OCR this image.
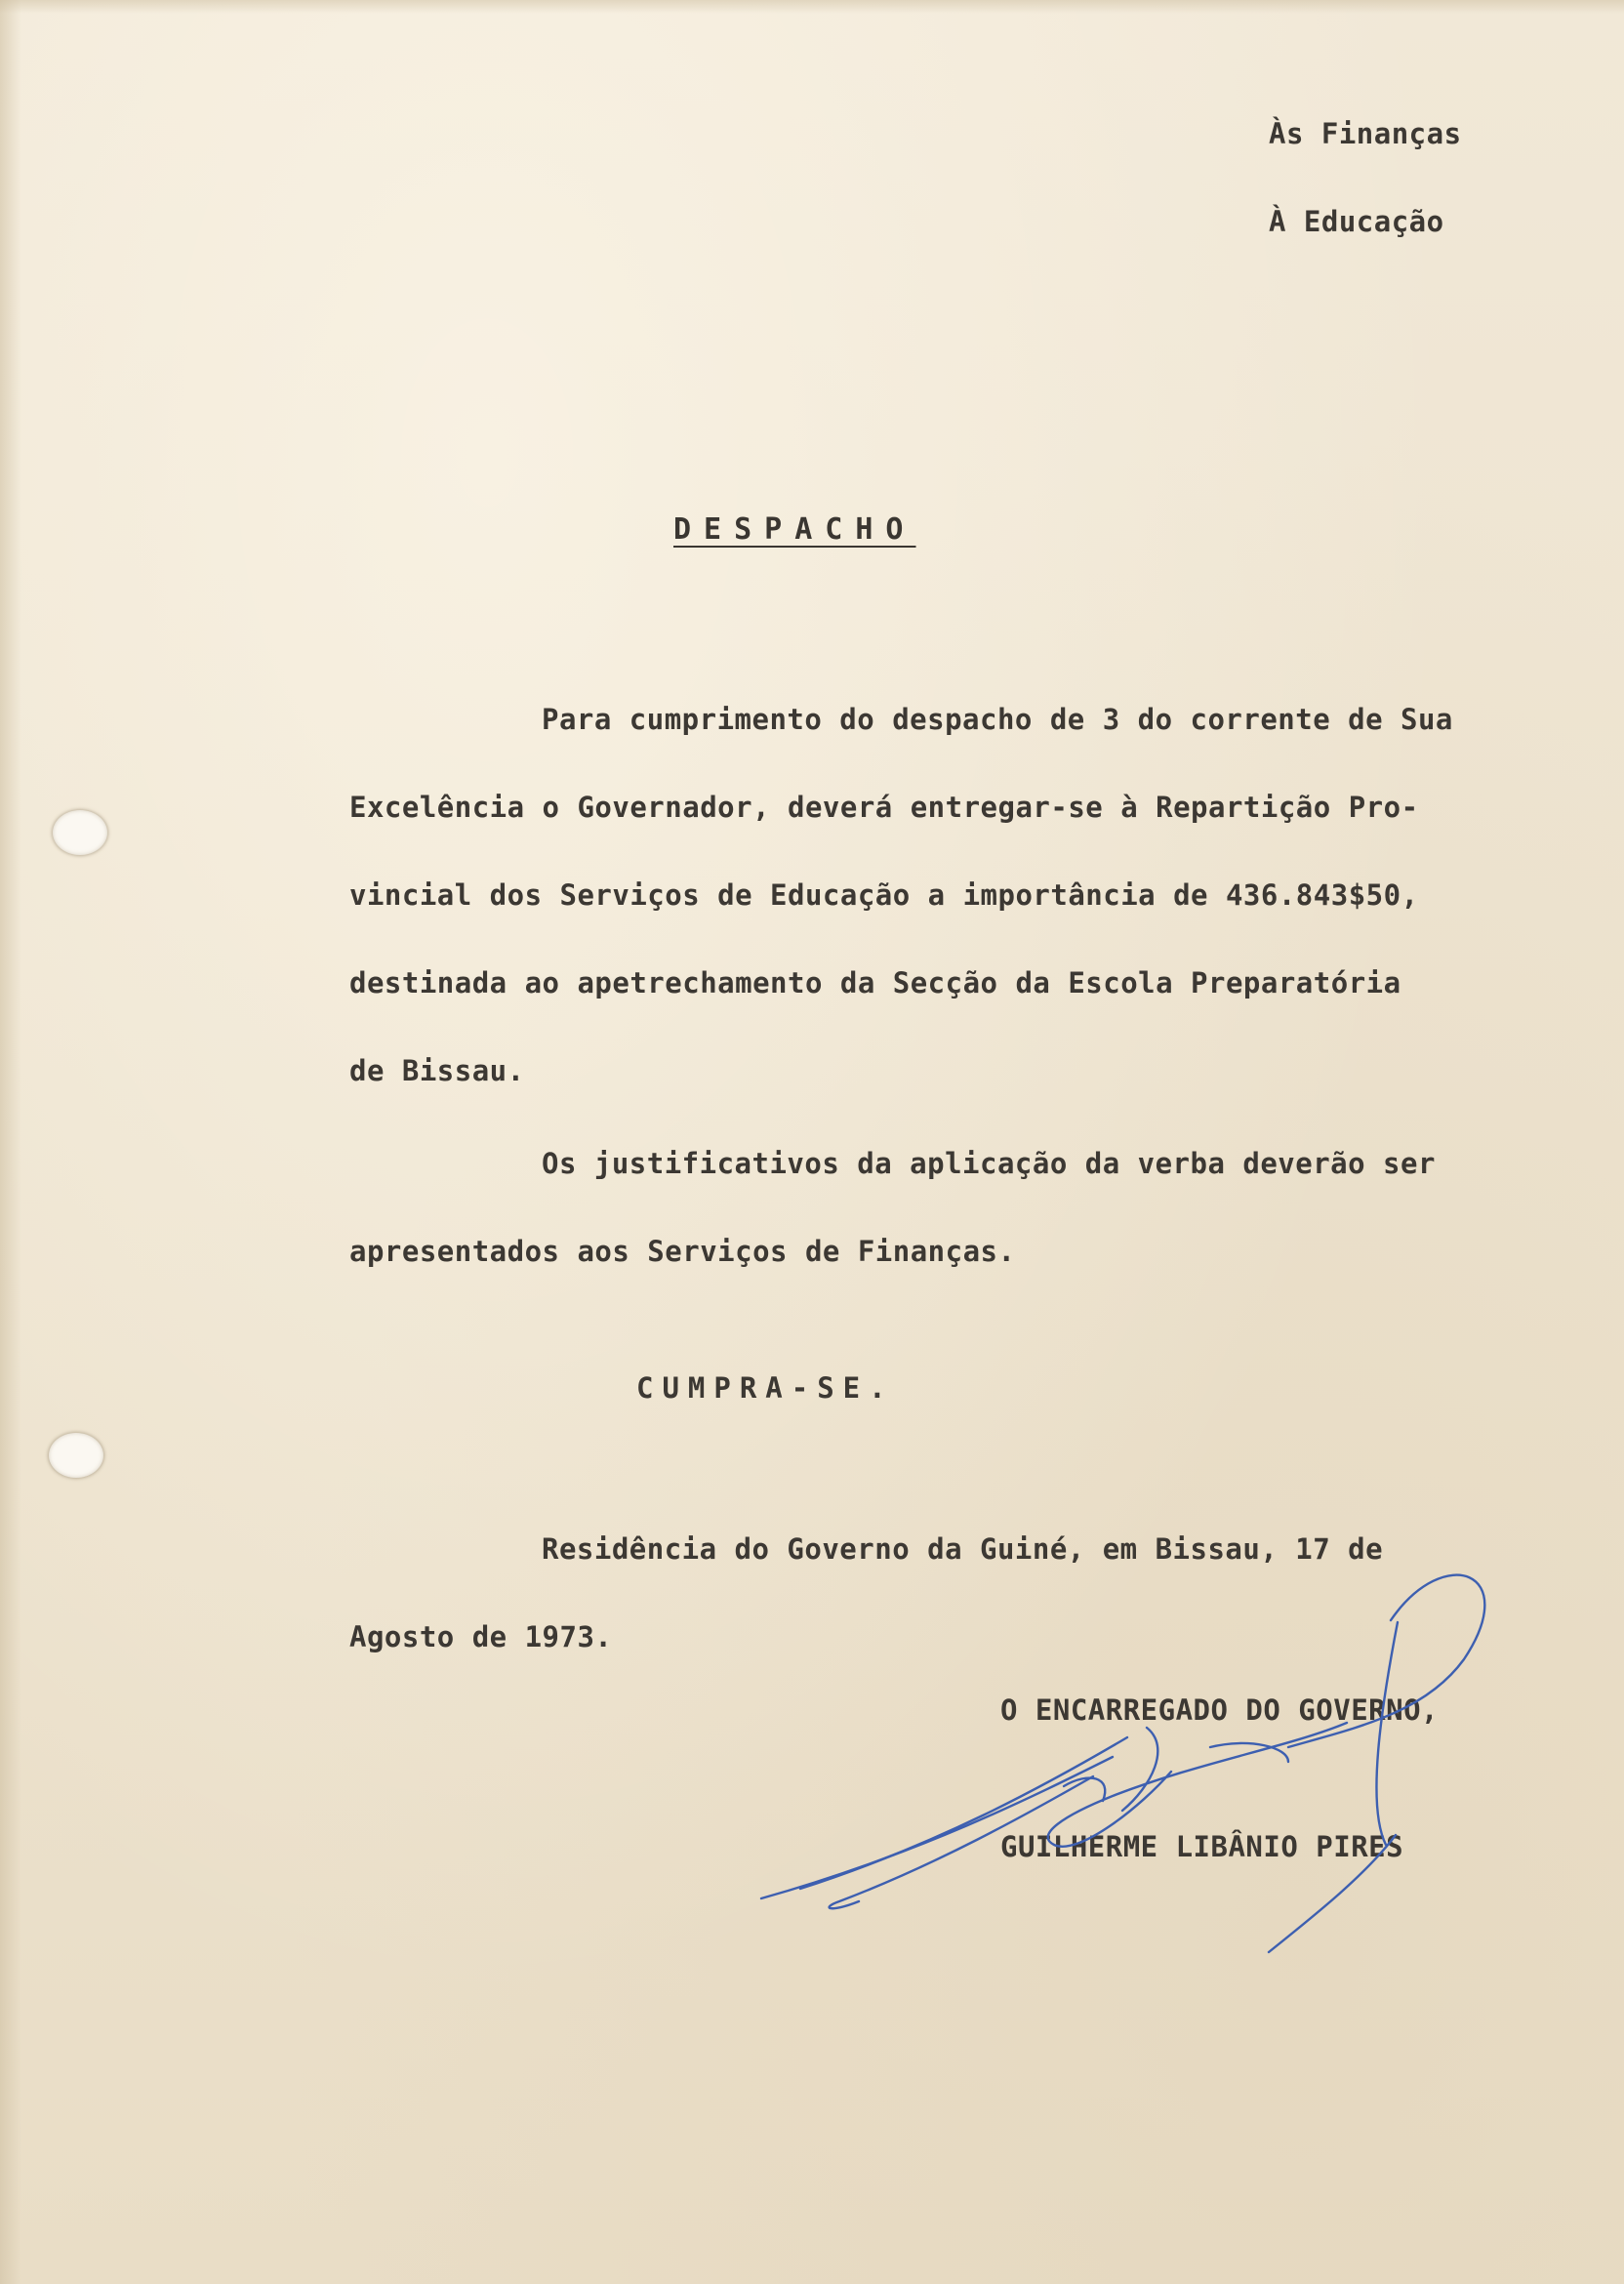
Às Finanças

À Educação

DESPACHO

Para cumprimento do despacho de 3 do corrente de Sua

Excelência o Governador, deverá entregar-se à Repartição Pro-

vincial dos Serviços de Educação a importância de 436.843$50,

destinada ao apetrechamento da Secção da Escola Preparatória

de Bissau.

Os justificativos da aplicação da verba deverão ser

apresentados aos Serviços de Finanças.

CUMPRA-SE.

Residência do Governo da Guiné, em Bissau, 17 de

Agosto de 1973.

O ENCARREGADO DO GOVERNO,

GUILHERME LIBÂNIO PIRES
